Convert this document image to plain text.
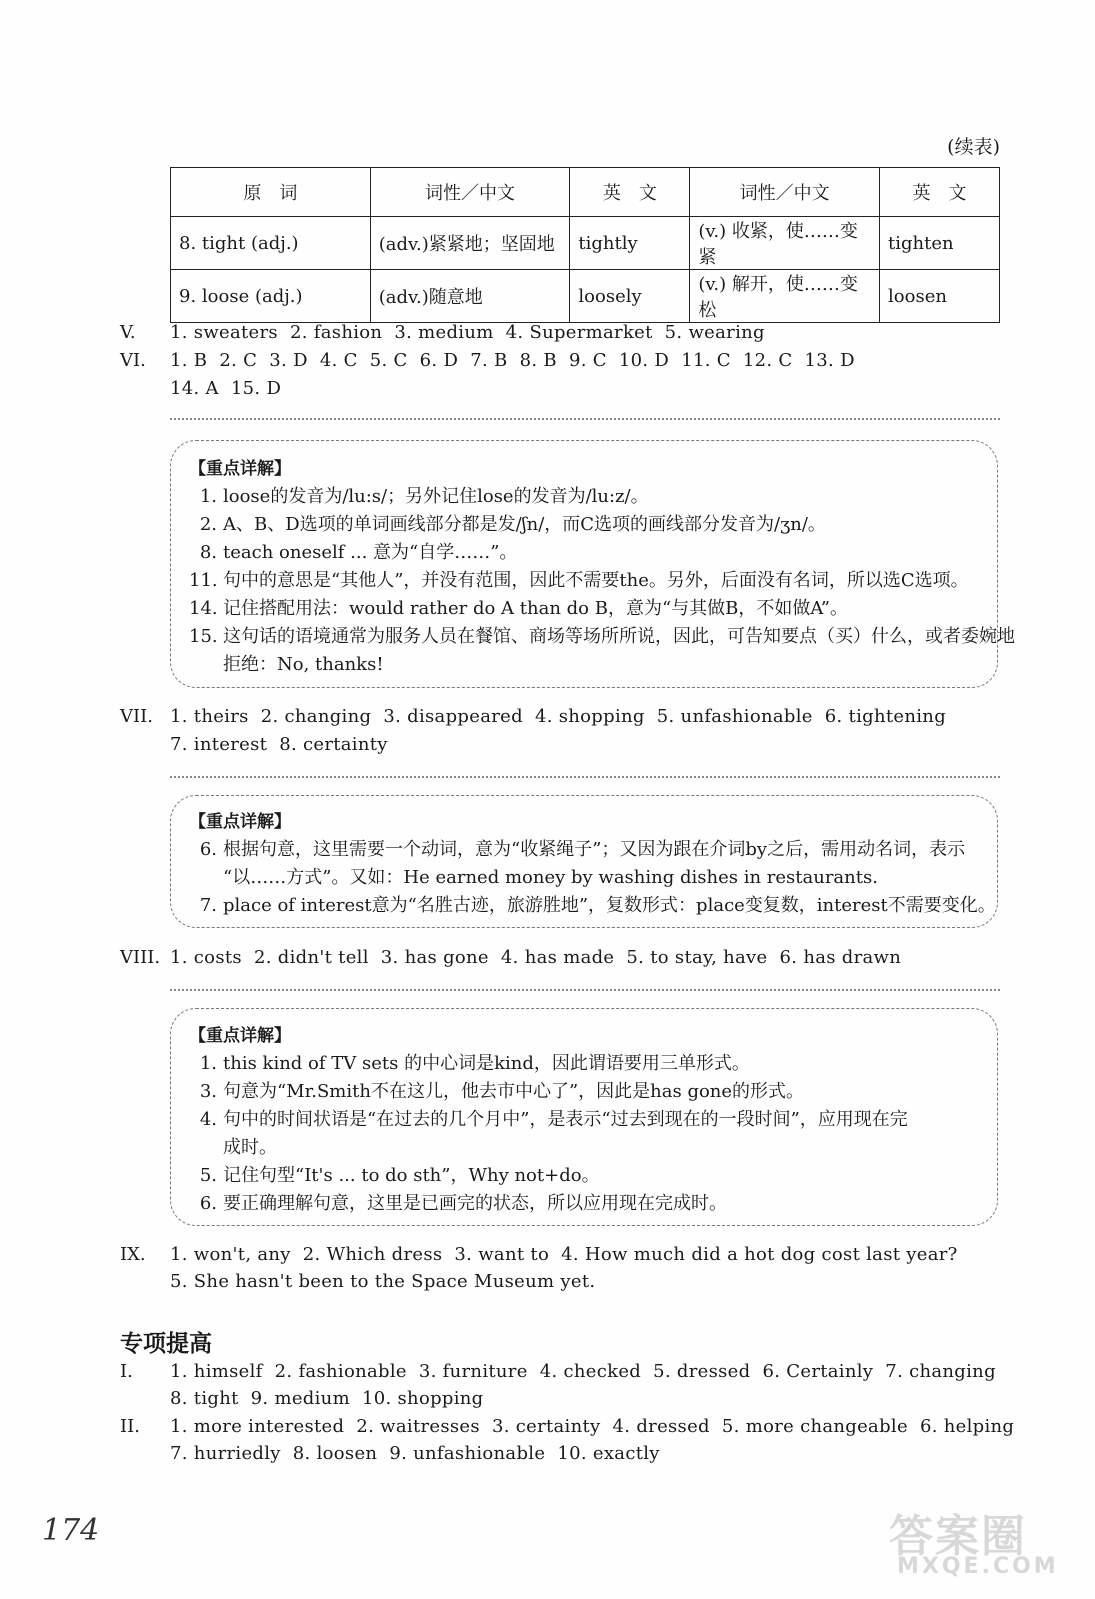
(续表)
原　词	词性／中文	英　文	词性／中文	英　文
8. tight (adj.)	(adv.)紧紧地；坚固地	tightly	(v.) 收紧，使……变紧	tighten
9. loose (adj.)	(adv.)随意地	loosely	(v.) 解开，使……变松	loosen
V. 1. sweaters  2. fashion  3. medium  4. Supermarket  5. wearing
VI. 1. B  2. C  3. D  4. C  5. C  6. D  7. B  8. B  9. C  10. D  11. C  12. C  13. D
14. A  15. D
【重点详解】
1. loose的发音为/lu:s/；另外记住lose的发音为/lu:z/。
2. A、B、D选项的单词画线部分都是发/ʃn/，而C选项的画线部分发音为/ʒn/。
8. teach oneself ... 意为“自学……”。
11. 句中的意思是“其他人”，并没有范围，因此不需要the。另外，后面没有名词，所以选C选项。
14. 记住搭配用法：would rather do A than do B，意为“与其做B，不如做A”。
15. 这句话的语境通常为服务人员在餐馆、商场等场所所说，因此，可告知要点（买）什么，或者委婉地
拒绝：No, thanks!
VII. 1. theirs  2. changing  3. disappeared  4. shopping  5. unfashionable  6. tightening
7. interest  8. certainty
【重点详解】
6. 根据句意，这里需要一个动词，意为“收紧绳子”；又因为跟在介词by之后，需用动名词，表示
“以……方式”。又如：He earned money by washing dishes in restaurants.
7. place of interest意为“名胜古迹，旅游胜地”，复数形式：place变复数，interest不需要变化。
VIII. 1. costs  2. didn't tell  3. has gone  4. has made  5. to stay, have  6. has drawn
【重点详解】
1. this kind of TV sets 的中心词是kind，因此谓语要用三单形式。
3. 句意为“Mr.Smith不在这儿，他去市中心了”，因此是has gone的形式。
4. 句中的时间状语是“在过去的几个月中”，是表示“过去到现在的一段时间”，应用现在完
成时。
5. 记住句型“It's ... to do sth”，Why not+do。
6. 要正确理解句意，这里是已画完的状态，所以应用现在完成时。
IX. 1. won't, any  2. Which dress  3. want to  4. How much did a hot dog cost last year?
5. She hasn't been to the Space Museum yet.
专项提高
I. 1. himself  2. fashionable  3. furniture  4. checked  5. dressed  6. Certainly  7. changing
8. tight  9. medium  10. shopping
II. 1. more interested  2. waitresses  3. certainty  4. dressed  5. more changeable  6. helping
7. hurriedly  8. loosen  9. unfashionable  10. exactly
174	答案圈
MXQE.COM
